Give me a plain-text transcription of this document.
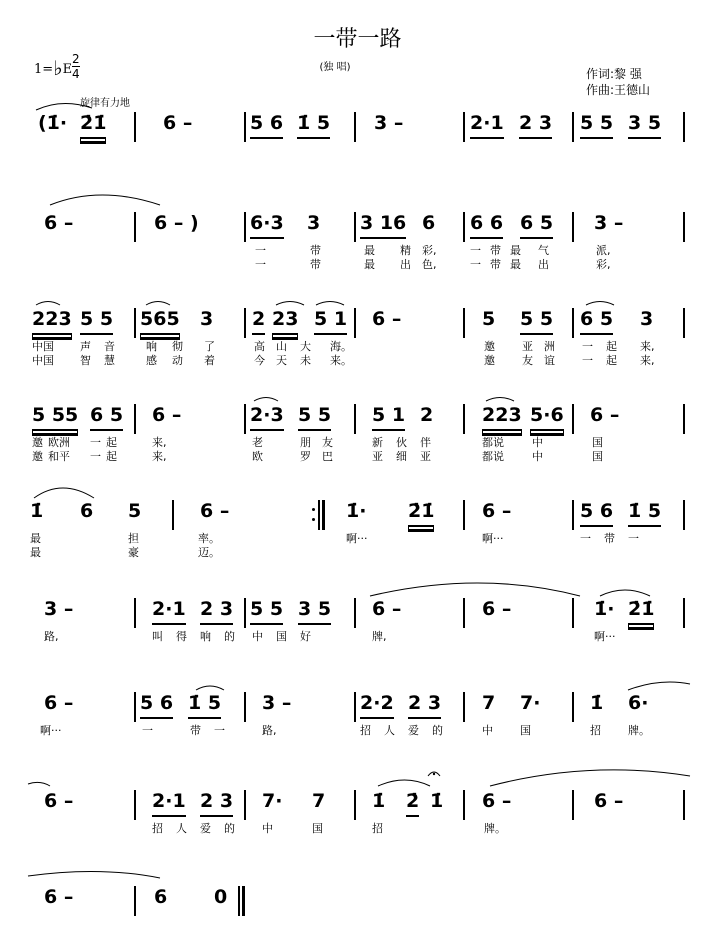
一带一路
(独 唱)	作词:黎 强
作曲:王德山
1=♭E
2
4
旋律有力地
(1̇· 2̇1̇	6 –	5 6 1̇ 5 3 –	2·1 2 3 5 5 3 5
6 –	6 – )	6·3 3 3 16 6 6 6 6 5 3 –
一	带	最 精 彩,	一 带 最 气	派,
一	带	最 出 色,	一 带 最 出	彩,
223 5 5 565 3 2 23 5 1 6 –	5 5 5 6 5 3
中国 声 音	响 彻 了	高 山 大 海。	邀 亚 洲 一 起 来,
中国 智 慧	感 动 着	今 天 未 来。	邀 友 谊 一 起 来,
5 55 6 5 6 –	2·3 5 5 5 1 2	223 5·6 6 –
邀 欧洲 一 起	来,	老	朋 友	新 伙 伴	都说	中	国
邀 和平 一 起	来,	欧	罗 巴	亚 细 亚	都说	中	国
1̇ 6 5	6 –	1̇· 2̇1̇	6 –	5 6 1̇ 5
最	担	率。	啊···	啊···	一 带 一
最	豪	迈。
3 –	2·1 2 3 5 5 3 5 6 –	6 –	1̇· 2̇1̇
路,	叫 得 响 的 中 国 好	牌,	啊···
6 –	5 6 1̇ 5 3 –	2·2 2 3 7 7·	1̇ 6·
啊···	一	带 一	路,	招 人 爱 的	中 国	招 牌。
6 –	2·1 2 3 7· 7 1̇ 2̇ 1̇ 6 –	6 –
招 人 爱 的 中	国	招	牌。
6 –	6 0
